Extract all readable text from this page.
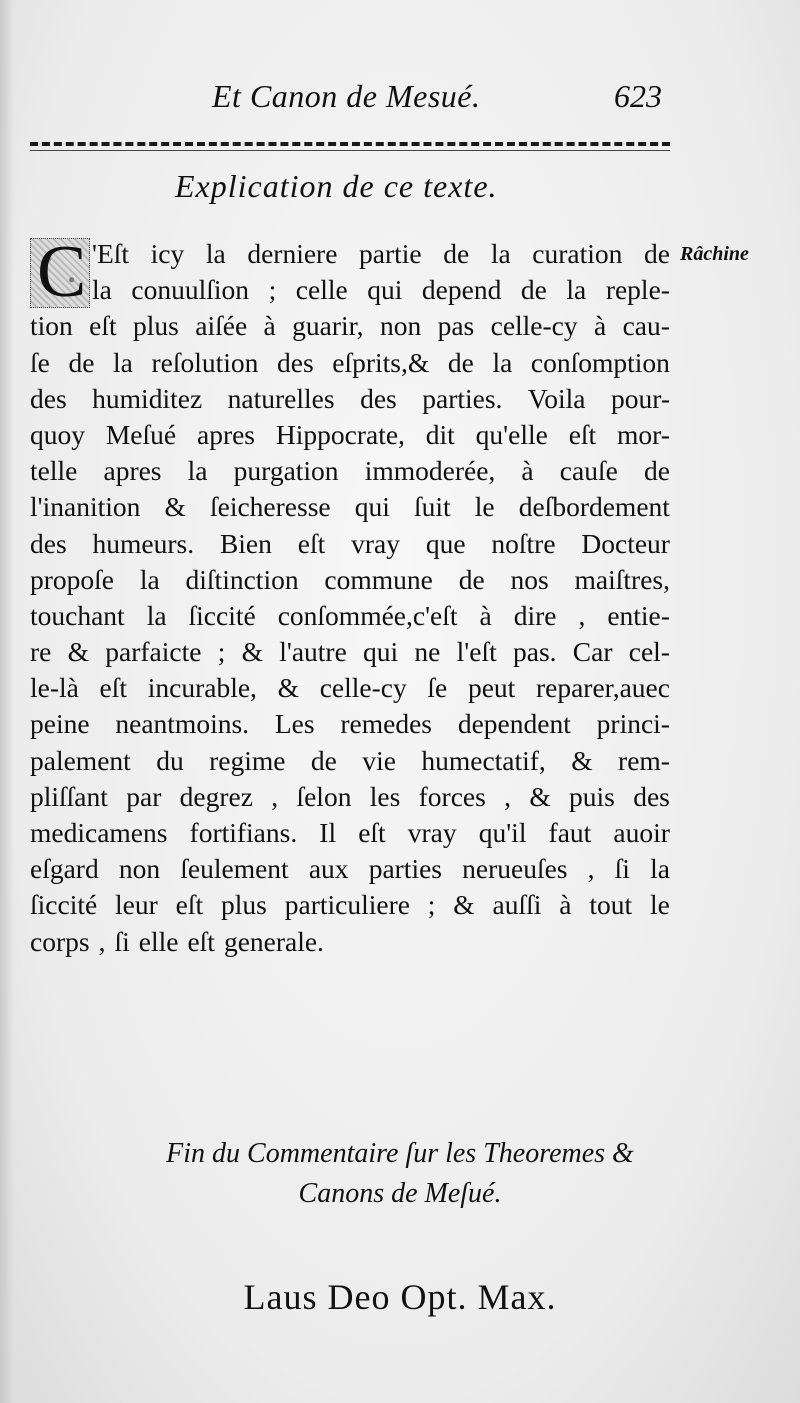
Et Canon de Mesué.	623
Explication de ce texte.
C	Râchine
'Eſt icy la derniere partie de la curation de
la conuulſion ; celle qui depend de la reple-
tion eſt plus aiſée à guarir, non pas celle-cy à cau-
ſe de la reſolution des eſprits,& de la conſomption
des humiditez naturelles des parties. Voila pour-
quoy Meſué apres Hippocrate, dit qu'elle eſt mor-
telle apres la purgation immoderée, à cauſe de
l'inanition & ſeicheresse qui ſuit le deſbordement
des humeurs. Bien eſt vray que noſtre Docteur
propoſe la diſtinction commune de nos maiſtres,
touchant la ſiccité conſommée,c'eſt à dire , entie-
re & parfaicte ; & l'autre qui ne l'eſt pas. Car cel-
le-là eſt incurable, & celle-cy ſe peut reparer,auec
peine neantmoins. Les remedes dependent princi-
palement du regime de vie humectatif, & rem-
pliſſant par degrez , ſelon les forces , & puis des
medicamens fortifians. Il eſt vray qu'il faut auoir
eſgard non ſeulement aux parties nerueuſes , ſi la
ſiccité leur eſt plus particuliere ; & auſſi à tout le
corps , ſi elle eſt generale.
Fin du Commentaire ſur les Theoremes &
Canons de Meſué.
Laus Deo Opt. Max.
